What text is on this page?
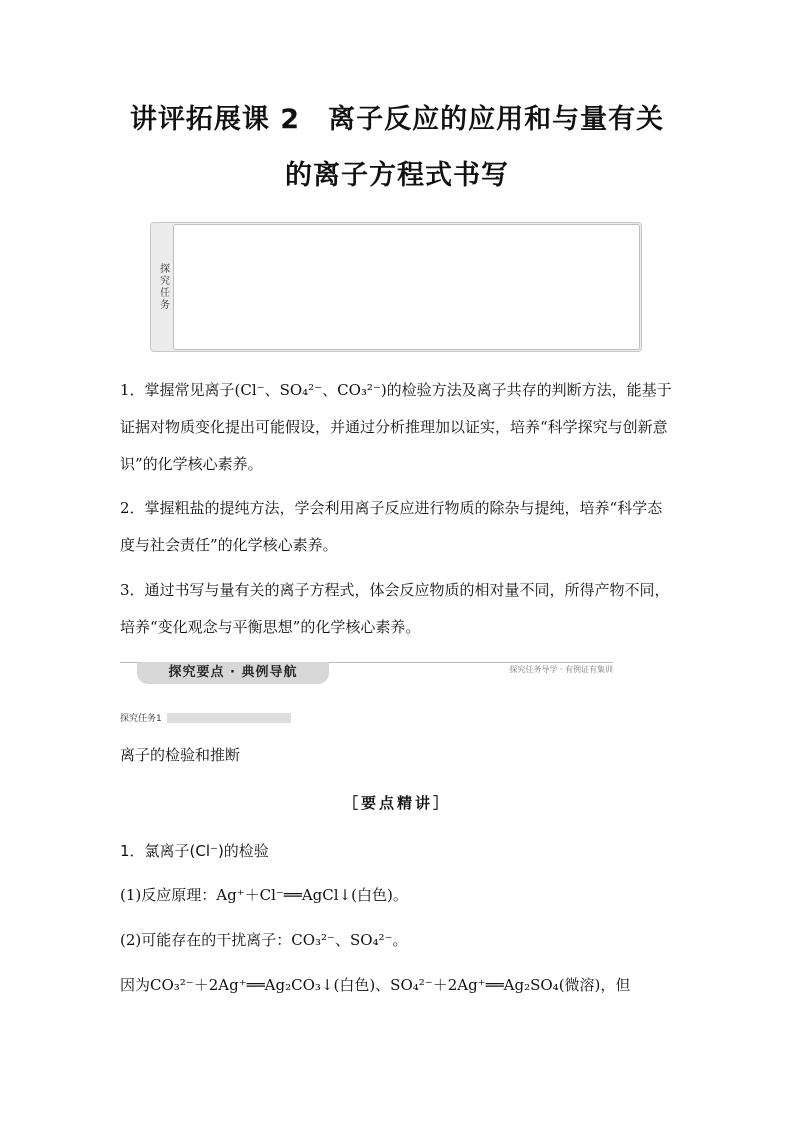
讲评拓展课 2　离子反应的应用和与量有关
的离子方程式书写
探究任务

1．掌握常见离子(Cl⁻、SO₄²⁻、CO₃²⁻)的检验方法及离子共存的判断方法，能基于证据对物质变化提出可能假设，并通过分析推理加以证实，培养“科学探究与创新意识”的化学核心素养。

2．掌握粗盐的提纯方法，学会利用离子反应进行物质的除杂与提纯，培养“科学态度与社会责任”的化学核心素养。

3．通过书写与量有关的离子方程式，体会反应物质的相对量不同，所得产物不同，培养“变化观念与平衡思想”的化学核心素养。

探究要点 · 典例导航	探究任务导学 · 有例证有集训
探究任务1

离子的检验和推断

［要点精讲］

1．氯离子(Cl⁻)的检验

(1)反应原理：Ag⁺＋Cl⁻══AgCl↓(白色)。

(2)可能存在的干扰离子：CO₃²⁻、SO₄²⁻。

因为CO₃²⁻＋2Ag⁺══Ag₂CO₃↓(白色)、SO₄²⁻＋2Ag⁺══Ag₂SO₄(微溶)，但
